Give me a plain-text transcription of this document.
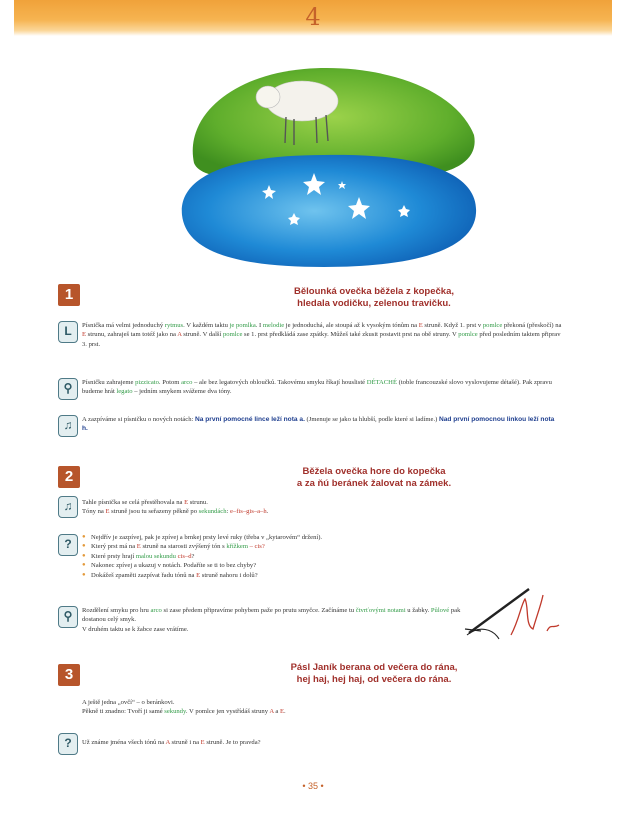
4
1	Bělounká ovečka běžela z kopečka,
hledala vodičku, zelenou travičku.
L	Písnička má velmi jednoduchý rytmus. V každém taktu je pomlka. I melodie je jednoduchá, ale stoupá až k vysokým tónům na E struně. Když 1. prst v pomlce překoná (přeskočí) na E strunu, zahraješ tam totéž jako na A struně. V další pomlce se 1. prst předkládá zase zpátky. Můžeš také zkusit postavit prst na obě struny. V pomlce před posledním taktem připrav 3. prst.
⚲	Písničku zahrajeme pizzicato. Potom arco – ale bez legatových obloučků. Takovému smyku říkají houslisté DÉTACHÉ (toble francouzské slovo vyslovujeme détašé). Pak zpravu budeme hrát legato – jedním smykem svážeme dva tóny.
♫	A zazpíváme si písničku o nových notách: Na první pomocné lince leží nota a. (Jmenuje se jako ta hlubší, podle které si ladíme.) Nad první pomocnou linkou leží nota h.
2	Běžela ovečka hore do kopečka
a za ňú beránek žalovat na zámek.
♫	Tahle písnička se celá přestěhovala na E strunu.
Tóny na E struně jsou tu seřazeny pěkně po sekundách: e–fis–gis–a–h.
?
●	Nejdřív je zazpívej, pak je zpívej a brnkej prsty levé ruky (třeba v „kytarovém“ držení).
● Který prst má na E struně na starosti zvýšený tón s křížkem – cis?
● Které prsty hrají malou sekundu cis–d?
● Nakonec zpívej a ukazuj v notách. Podaříte se ti to bez chyby?
● Dokážeš zpaměti zazpívat řadu tónů na E struně nahoru i dolů?
⚲	Rozdělení smyku pro hru arco si zase předem připravíme pohybem paže po prutu smyčce. Začínáme tu čtvrťovými notami u žabky. Půlové pak dostanou celý smyk.
V druhém taktu se k žabce zase vrátíme.
3	Pásl Janík berana od večera do rána,
hej haj, hej haj, od večera do rána.
A ještě jedna „ovčí“ – o beránkovi.
Pěkně ti znadno: Tvoří ji samé sekundy. V pomlce jen vystřídáš struny A a E.
?	Už známe jména všech tónů na A struně i na E struně. Je to pravda?
• 35 •
